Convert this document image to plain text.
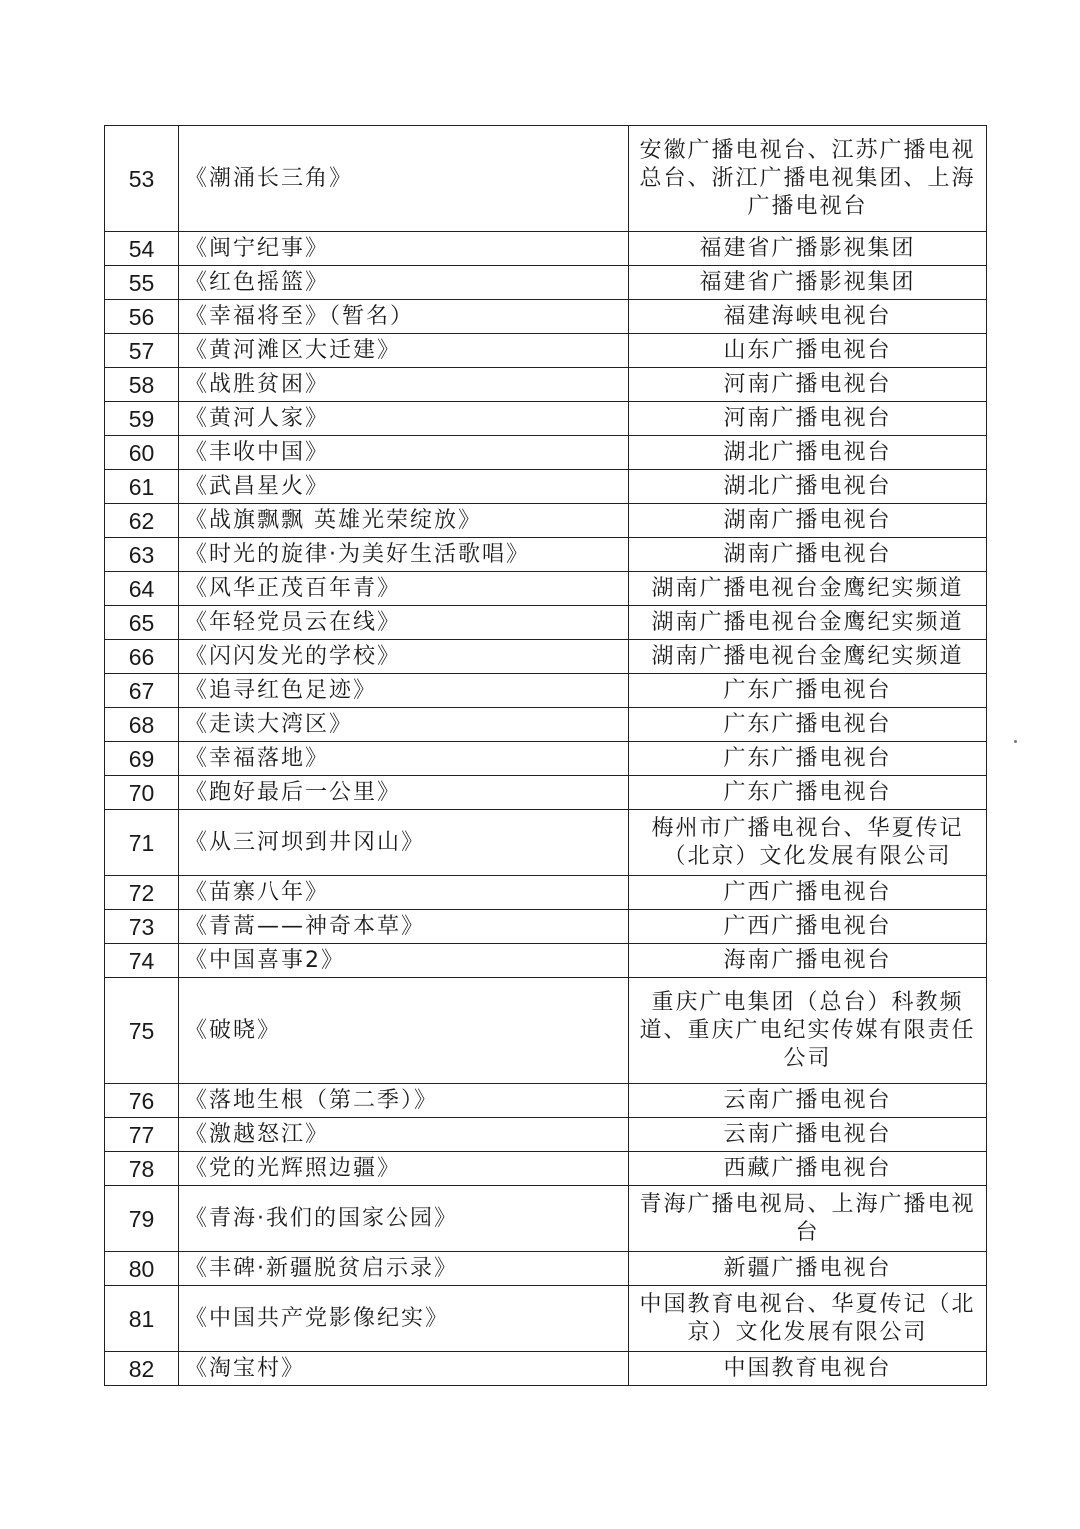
53	《潮涌长三角》	安徽广播电视台、江苏广播电视总台、浙江广播电视集团、上海广播电视台
54	《闽宁纪事》	福建省广播影视集团
55	《红色摇篮》	福建省广播影视集团
56	《幸福将至》（暂名）	福建海峡电视台
57	《黄河滩区大迁建》	山东广播电视台
58	《战胜贫困》	河南广播电视台
59	《黄河人家》	河南广播电视台
60	《丰收中国》	湖北广播电视台
61	《武昌星火》	湖北广播电视台
62	《战旗飘飘 英雄光荣绽放》	湖南广播电视台
63	《时光的旋律·为美好生活歌唱》	湖南广播电视台
64	《风华正茂百年青》	湖南广播电视台金鹰纪实频道
65	《年轻党员云在线》	湖南广播电视台金鹰纪实频道
66	《闪闪发光的学校》	湖南广播电视台金鹰纪实频道
67	《追寻红色足迹》	广东广播电视台
68	《走读大湾区》	广东广播电视台
69	《幸福落地》	广东广播电视台
70	《跑好最后一公里》	广东广播电视台
71	《从三河坝到井冈山》	梅州市广播电视台、华夏传记（北京）文化发展有限公司
72	《苗寨八年》	广西广播电视台
73	《青蒿——神奇本草》	广西广播电视台
74	《中国喜事2》	海南广播电视台
75	《破晓》	重庆广电集团（总台）科教频道、重庆广电纪实传媒有限责任公司
76	《落地生根（第二季）》	云南广播电视台
77	《激越怒江》	云南广播电视台
78	《党的光辉照边疆》	西藏广播电视台
79	《青海·我们的国家公园》	青海广播电视局、上海广播电视台
80	《丰碑·新疆脱贫启示录》	新疆广播电视台
81	《中国共产党影像纪实》	中国教育电视台、华夏传记（北京）文化发展有限公司
82	《淘宝村》	中国教育电视台
